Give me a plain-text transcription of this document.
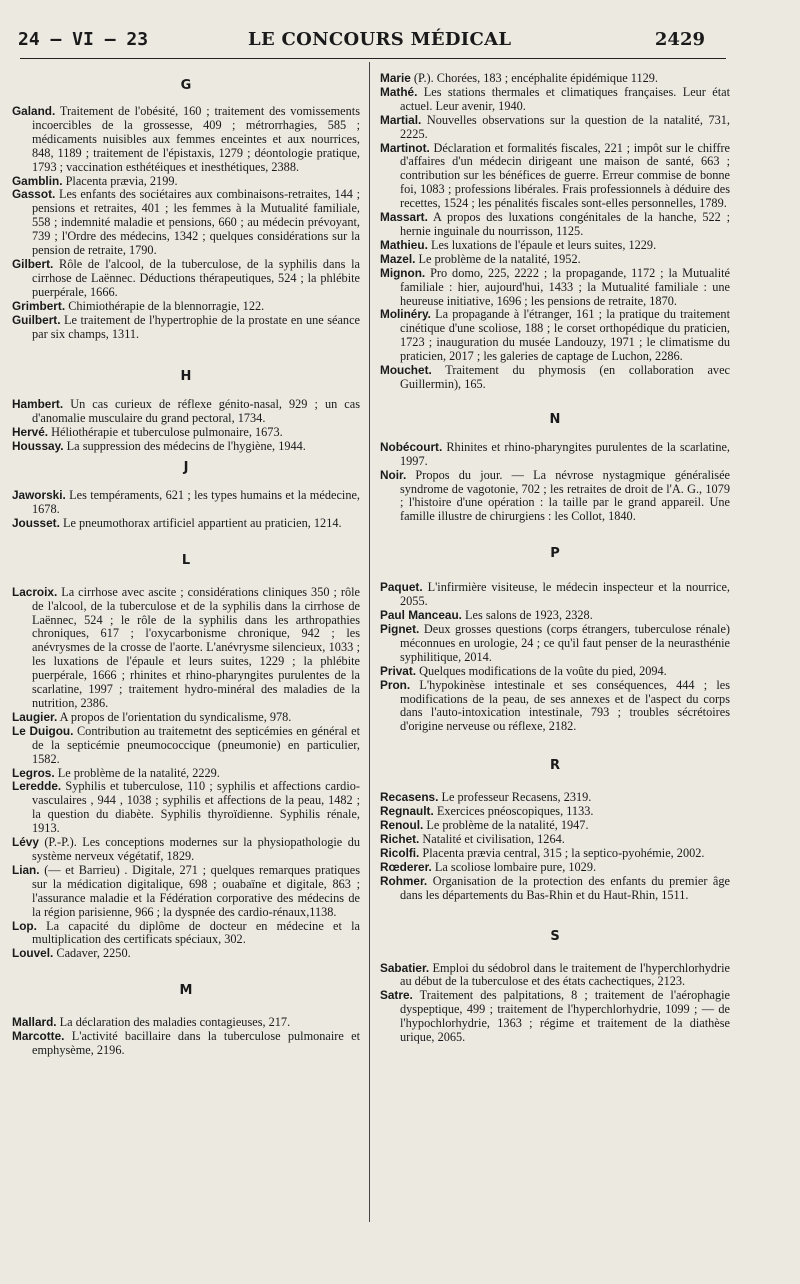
24 — VI — 23	LE CONCOURS MÉDICAL	2429
G
Galand. Traitement de l'obésité, 160 ; traitement des vomissements incoercibles de la grossesse, 409 ; métrorrhagies, 585 ; médicaments nuisibles aux femmes enceintes et aux nourrices, 848, 1189 ; traitement de l'épistaxis, 1279 ; déontologie pratique, 1793 ; vaccination esthétéiques et inesthétiques, 2388.
Gamblin. Placenta prævia, 2199.
Gassot. Les enfants des sociétaires aux combinaisons-retraites, 144 ; pensions et retraites, 401 ; les femmes à la Mutualité familiale, 558 ; indemnité maladie et pensions, 660 ; au médecin prévoyant, 739 ; l'Ordre des médecins, 1342 ; quelques considérations sur la pension de retraite, 1790.
Gilbert. Rôle de l'alcool, de la tuberculose, de la syphilis dans la cirrhose de Laënnec. Déductions thérapeutiques, 524 ; la phlébite puerpérale, 1666.
Grimbert. Chimiothérapie de la blennorragie, 122.
Guilbert. Le traitement de l'hypertrophie de la prostate en une séance par six champs, 1311.
H
Hambert. Un cas curieux de réflexe génito-nasal, 929 ; un cas d'anomalie musculaire du grand pectoral, 1734.
Hervé. Héliothérapie et tuberculose pulmonaire, 1673.
Houssay. La suppression des médecins de l'hygiène, 1944.
J
Jaworski. Les tempéraments, 621 ; les types humains et la médecine, 1678.
Jousset. Le pneumothorax artificiel appartient au praticien, 1214.
L
Lacroix. La cirrhose avec ascite ; considérations cliniques 350 ; rôle de l'alcool, de la tuberculose et de la syphilis dans la cirrhose de Laënnec, 524 ; le rôle de la syphilis dans les arthropathies chroniques, 617 ; l'oxycarbonisme chronique, 942 ; les anévrysmes de la crosse de l'aorte. L'anévrysme silencieux, 1033 ; les luxations de l'épaule et leurs suites, 1229 ; la phlébite puerpérale, 1666 ; rhinites et rhino-pharyngites purulentes de la scarlatine, 1997 ; traitement hydro-minéral des maladies de la nutrition, 2386.
Laugier. A propos de l'orientation du syndicalisme, 978.
Le Duigou. Contribution au traitemetnt des septicémies en général et de la septicémie pneumococcique (pneumonie) en particulier, 1582.
Legros. Le problème de la natalité, 2229.
Leredde. Syphilis et tuberculose, 110 ; syphilis et affections cardio-vasculaires , 944 , 1038 ; syphilis et affections de la peau, 1482 ; la question du diabète. Syphilis thyroïdienne. Syphilis rénale, 1913.
Lévy (P.-P.). Les conceptions modernes sur la physiopathologie du système nerveux végétatif, 1829.
Lian. (— et Barrieu) . Digitale, 271 ; quelques remarques pratiques sur la médication digitalique, 698 ; ouabaïne et digitale, 863 ; l'assurance maladie et la Fédération corporative des médecins de la région parisienne, 966 ; la dyspnée des cardio-rénaux,1138.
Lop. La capacité du diplôme de docteur en médecine et la multiplication des certificats spéciaux, 302.
Louvel. Cadaver, 2250.
M
Mallard. La déclaration des maladies contagieuses, 217.
Marcotte. L'activité bacillaire dans la tuberculose pulmonaire et emphysème, 2196.
Marie (P.). Chorées, 183 ; encéphalite épidémique 1129.
Mathé. Les stations thermales et climatiques françaises. Leur état actuel. Leur avenir, 1940.
Martial. Nouvelles observations sur la question de la natalité, 731, 2225.
Martinot. Déclaration et formalités fiscales, 221 ; impôt sur le chiffre d'affaires d'un médecin dirigeant une maison de santé, 663 ; contribution sur les bénéfices de guerre. Erreur commise de bonne foi, 1083 ; professions libérales. Frais professionnels à déduire des recettes, 1524 ; les pénalités fiscales sont-elles personnelles, 1789.
Massart. A propos des luxations congénitales de la hanche, 522 ; hernie inguinale du nourrisson, 1125.
Mathieu. Les luxations de l'épaule et leurs suites, 1229.
Mazel. Le problème de la natalité, 1952.
Mignon. Pro domo, 225, 2222 ; la propagande, 1172 ; la Mutualité familiale : hier, aujourd'hui, 1433 ; la Mutualité familiale : une heureuse initiative, 1696 ; les pensions de retraite, 1870.
Molinéry. La propagande à l'étranger, 161 ; la pratique du traitement cinétique d'une scoliose, 188 ; le corset orthopédique du praticien, 1723 ; inauguration du musée Landouzy, 1971 ; le climatisme du praticien, 2017 ; les galeries de captage de Luchon, 2286.
Mouchet. Traitement du phymosis (en collaboration avec Guillermin), 165.
N
Nobécourt. Rhinites et rhino-pharyngites purulentes de la scarlatine, 1997.
Noir. Propos du jour. — La névrose nystagmique généralisée syndrome de vagotonie, 702 ; les retraites de droit de l'A. G., 1079 ; l'histoire d'une opération : la taille par le grand appareil. Une famille illustre de chirurgiens : les Collot, 1840.
P
Paquet. L'infirmière visiteuse, le médecin inspecteur et la nourrice, 2055.
Paul Manceau. Les salons de 1923, 2328.
Pignet. Deux grosses questions (corps étrangers, tuberculose rénale) méconnues en urologie, 24 ; ce qu'il faut penser de la neurasthénie syphilitique, 2014.
Privat. Quelques modifications de la voûte du pied, 2094.
Pron. L'hypokinèse intestinale et ses conséquences, 444 ; les modifications de la peau, de ses annexes et de l'aspect du corps dans l'auto-intoxication intestinale, 793 ; troubles sécrétoires d'origine nerveuse ou réflexe, 2182.
R
Recasens. Le professeur Recasens, 2319.
Regnault. Exercices pnéoscopiques, 1133.
Renoul. Le problème de la natalité, 1947.
Richet. Natalité et civilisation, 1264.
Ricolfi. Placenta prævia central, 315 ; la septico-pyohémie, 2002.
Rœderer. La scoliose lombaire pure, 1029.
Rohmer. Organisation de la protection des enfants du premier âge dans les départements du Bas-Rhin et du Haut-Rhin, 1511.
S
Sabatier. Emploi du sédobrol dans le traitement de l'hyperchlorhydrie au début de la tuberculose et des états cachectiques, 2123.
Satre. Traitement des palpitations, 8 ; traitement de l'aérophagie dyspeptique, 499 ; traitement de l'hyperchlorhydrie, 1099 ; — de l'hypochlorhydrie, 1363 ; régime et traitement de la diathèse urique, 2065.
